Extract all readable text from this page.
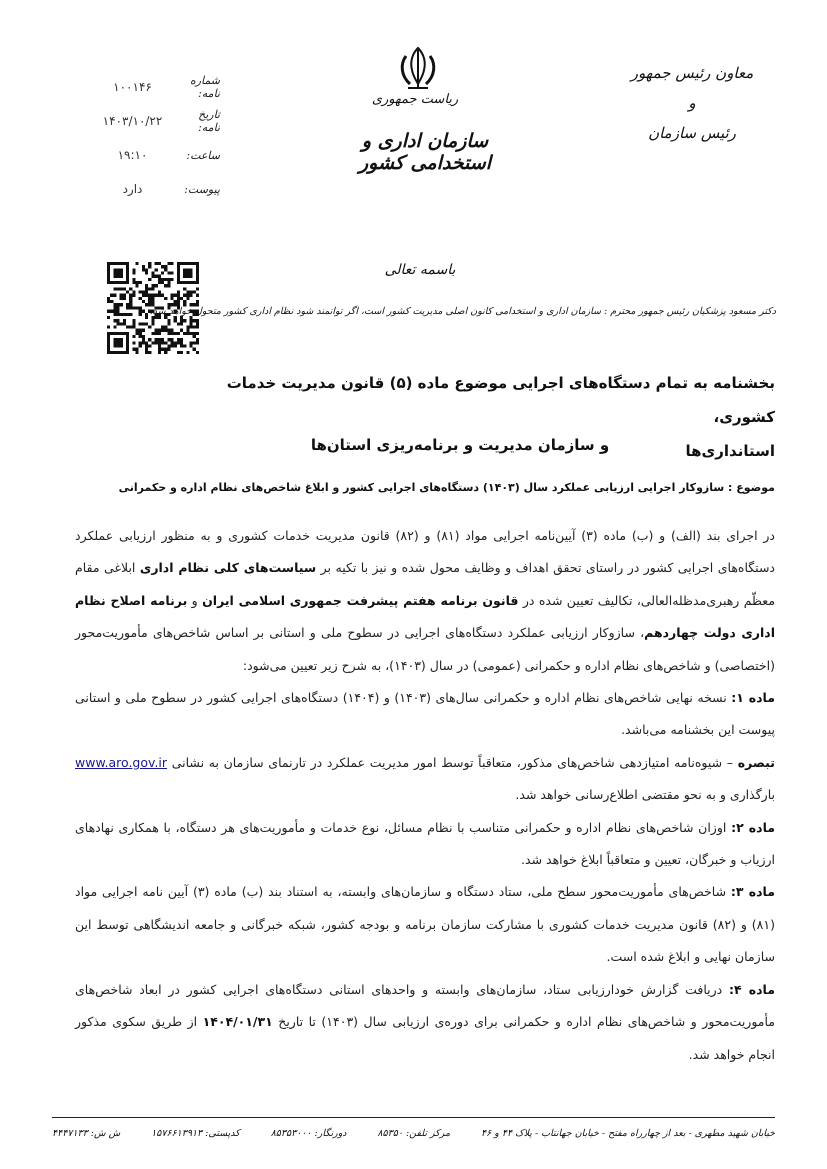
ریاست جمهوری
سازمان اداری و استخدامی کشور
معاون رئیس جمهور
و
رئیس سازمان
شماره نامه:
۱۰۰۱۴۶
تاریخ نامه:
۱۴۰۳/۱۰/۲۲
ساعت:
۱۹:۱۰
پیوست:
دارد
باسمه تعالی
دکتر مسعود پزشکیان رئیس جمهور محترم : سازمان اداری و استخدامی کانون اصلی مدیریت کشور است، اگر توانمند شود نظام اداری کشور متحول خواهد شد.
بخشنامه به تمام دستگاه‌های اجرایی موضوع ماده (۵) قانون مدیریت خدمات کشوری،
استانداری‌ها
و سازمان مدیریت و برنامه‌ریزی استان‌ها
موضوع : سازوکار اجرایی ارزیابی عملکرد سال (۱۴۰۳) دستگاه‌های اجرایی کشور و ابلاغ شاخص‌های نظام اداره و حکمرانی

در اجرای بند (الف) و (ب) ماده (۳) آیین‌نامه اجرایی مواد (۸۱) و (۸۲) قانون مدیریت خدمات کشوری و به منظور ارزیابی عملکرد دستگاه‌های اجرایی کشور در راستای تحقق اهداف و وظایف محول شده و نیز با تکیه بر سیاست‌های کلی نظام اداری ابلاغی مقام معظّم رهبری‌مدظله‌العالی، تکالیف تعیین شده در قانون برنامه هفتم پیشرفت جمهوری اسلامی ایران و برنامه اصلاح نظام اداری دولت چهاردهم، سازوکار ارزیابی عملکرد دستگاه‌های اجرایی در سطوح ملی و استانی بر اساس شاخص‌های مأموریت‌محور (اختصاصی) و شاخص‌های نظام اداره و حکمرانی (عمومی) در سال (۱۴۰۳)، به شرح زیر تعیین می‌شود:

ماده ۱: نسخه نهایی شاخص‌های نظام اداره و حکمرانی سال‌های (۱۴۰۳) و (۱۴۰۴) دستگاه‌های اجرایی کشور در سطوح ملی و استانی پیوست این بخشنامه می‌باشد.

تبصره – شیوه‌نامه امتیازدهی شاخص‌های مذکور، متعاقباً توسط امور مدیریت عملکرد در تارنمای سازمان به نشانی www.aro.gov.ir بارگذاری و به نحو مقتضی اطلاع‌رسانی خواهد شد.

ماده ۲: اوزان شاخص‌های نظام اداره و حکمرانی متناسب با نظام مسائل، نوع خدمات و مأموریت‌های هر دستگاه، با همکاری نهادهای ارزیاب و خبرگان، تعیین و متعاقباً ابلاغ خواهد شد.

ماده ۳: شاخص‌های مأموریت‌محور سطح ملی، ستاد دستگاه و سازمان‌های وابسته، به استناد بند (ب) ماده (۳) آیین نامه اجرایی مواد (۸۱) و (۸۲) قانون مدیریت خدمات کشوری با مشارکت سازمان برنامه و بودجه کشور، شبکه خبرگانی و جامعه اندیشگاهی توسط این سازمان نهایی و ابلاغ شده است.

ماده ۴: دریافت گزارش خودارزیابی ستاد، سازمان‌های وابسته و واحدهای استانی دستگاه‌های اجرایی کشور در ابعاد شاخص‌های مأموریت‌محور و شاخص‌های نظام اداره و حکمرانی برای دوره‌ی ارزیابی سال (۱۴۰۳) تا تاریخ ۱۴۰۴/۰۱/۳۱ از طریق سکوی مذکور انجام خواهد شد.

خیابان شهید مطهری - بعد از چهارراه مفتح - خیابان جهانتاب - پلاک ۴۴ و ۴۶
مرکز تلفن: ۸۵۳۵۰
دورنگار: ۸۵۳۵۳۰۰۰
کدپستی: ۱۵۷۶۶۱۳۹۱۳
ش ش: ۴۴۴۷۱۳۳
